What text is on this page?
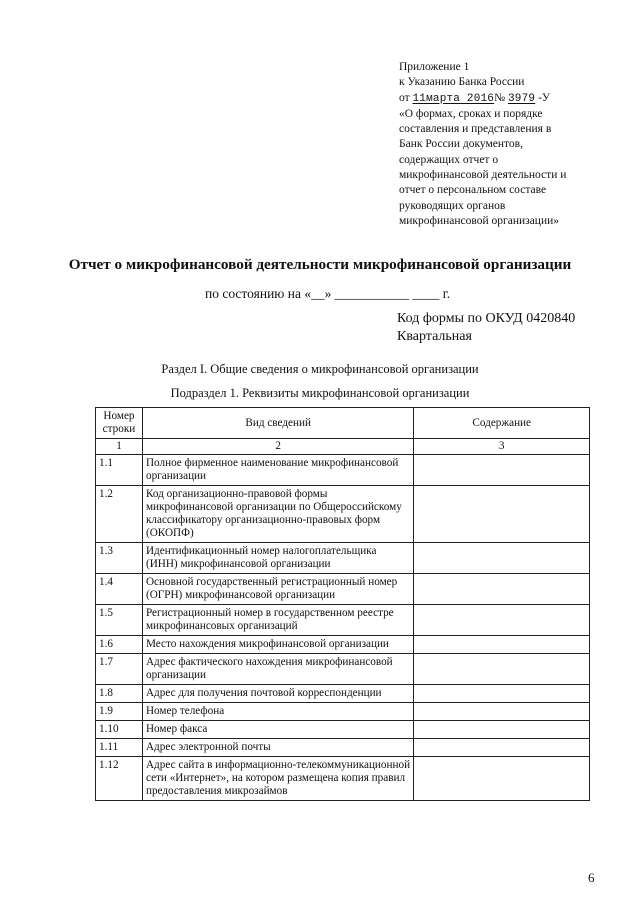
Приложение 1
к Указанию Банка России
от 11марта 2016№ 3979 -У
«О формах, сроках и порядке
составления и представления в
Банк России документов,
содержащих отчет о
микрофинансовой деятельности и
отчет о персональном составе
руководящих органов
микрофинансовой организации»
Отчет о микрофинансовой деятельности микрофинансовой организации
по состоянию на «__» ___________ ____ г.
Код формы по ОКУД 0420840
Квартальная
Раздел I. Общие сведения о микрофинансовой организации
Подраздел 1. Реквизиты микрофинансовой организации
Номер строки	Вид сведений	Содержание
1	2	3
1.1	Полное фирменное наименование микрофинансовой организации	
1.2	Код организационно-правовой формы микрофинансовой организации по Общероссийскому классификатору организационно-правовых форм (ОКОПФ)	
1.3	Идентификационный номер налогоплательщика (ИНН) микрофинансовой организации	
1.4	Основной государственный регистрационный номер (ОГРН) микрофинансовой организации	
1.5	Регистрационный номер в государственном реестре микрофинансовых организаций	
1.6	Место нахождения микрофинансовой организации	
1.7	Адрес фактического нахождения микрофинансовой организации	
1.8	Адрес для получения почтовой корреспонденции	
1.9	Номер телефона	
1.10	Номер факса	
1.11	Адрес электронной почты	
1.12	Адрес сайта в информационно-телекоммуникационной сети «Интернет», на котором размещена копия правил предоставления микрозаймов	
6
